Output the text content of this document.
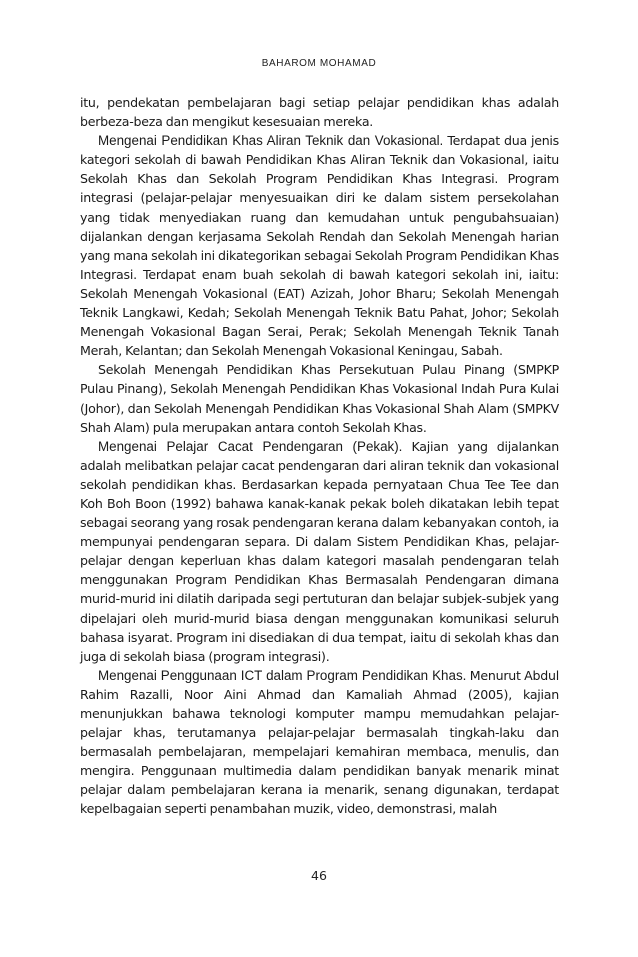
BAHAROM MOHAMAD

itu, pendekatan pembelajaran bagi setiap pelajar pendidikan khas adalah berbeza-beza dan mengikut kesesuaian mereka.

Mengenai Pendidikan Khas Aliran Teknik dan Vokasional. Terdapat dua jenis kategori sekolah di bawah Pendidikan Khas Aliran Teknik dan Vokasional, iaitu Sekolah Khas dan Sekolah Program Pendidikan Khas Integrasi. Program integrasi (pelajar-pelajar menyesuaikan diri ke dalam sistem persekolahan yang tidak menyediakan ruang dan kemudahan untuk pengubahsuaian) dijalankan dengan kerjasama Sekolah Rendah dan Sekolah Menengah harian yang mana sekolah ini dikategorikan sebagai Sekolah Program Pendidikan Khas Integrasi. Terdapat enam buah sekolah di bawah kategori sekolah ini, iaitu: Sekolah Menengah Vokasional (EAT) Azizah, Johor Bharu; Sekolah Menengah Teknik Langkawi, Kedah; Sekolah Menengah Teknik Batu Pahat, Johor; Sekolah Menengah Vokasional Bagan Serai, Perak; Sekolah Menengah Teknik Tanah Merah, Kelantan; dan Sekolah Menengah Vokasional Keningau, Sabah.

Sekolah Menengah Pendidikan Khas Persekutuan Pulau Pinang (SMPKP Pulau Pinang), Sekolah Menengah Pendidikan Khas Vokasional Indah Pura Kulai (Johor), dan Sekolah Menengah Pendidikan Khas Vokasional Shah Alam (SMPKV Shah Alam) pula merupakan antara contoh Sekolah Khas.

Mengenai Pelajar Cacat Pendengaran (Pekak). Kajian yang dijalankan adalah melibatkan pelajar cacat pendengaran dari aliran teknik dan vokasional sekolah pendidikan khas. Berdasarkan kepada pernyataan Chua Tee Tee dan Koh Boh Boon (1992) bahawa kanak-kanak pekak boleh dikatakan lebih tepat sebagai seorang yang rosak pendengaran kerana dalam kebanyakan contoh, ia mempunyai pendengaran separa. Di dalam Sistem Pendidikan Khas, pelajar-pelajar dengan keperluan khas dalam kategori masalah pendengaran telah menggunakan Program Pendidikan Khas Bermasalah Pendengaran dimana murid-murid ini dilatih daripada segi pertuturan dan belajar subjek-subjek yang dipelajari oleh murid-murid biasa dengan menggunakan komunikasi seluruh bahasa isyarat. Program ini disediakan di dua tempat, iaitu di sekolah khas dan juga di sekolah biasa (program integrasi).

Mengenai Penggunaan ICT dalam Program Pendidikan Khas. Menurut Abdul Rahim Razalli, Noor Aini Ahmad dan Kamaliah Ahmad (2005), kajian menunjukkan bahawa teknologi komputer mampu memudahkan pelajar-pelajar khas, terutamanya pelajar-pelajar bermasalah tingkah-laku dan bermasalah pembelajaran, mempelajari kemahiran membaca, menulis, dan mengira. Penggunaan multimedia dalam pendidikan banyak menarik minat pelajar dalam pembelajaran kerana ia menarik, senang digunakan, terdapat kepelbagaian seperti penambahan muzik, video, demonstrasi, malah

46
